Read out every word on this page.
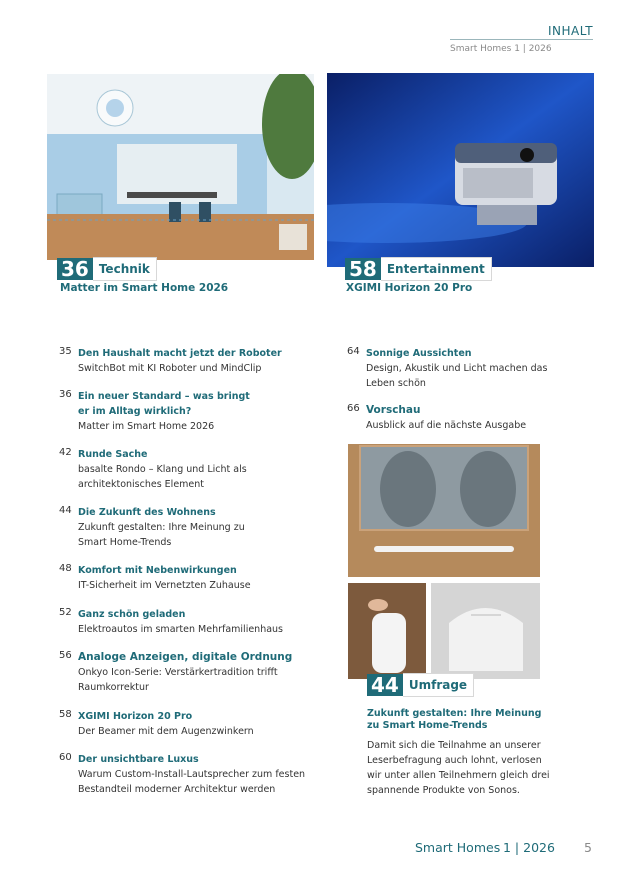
INHALT
Smart Homes 1 | 2026
36 Technik
Matter im Smart Home 2026
58 Entertainment
XGIMI Horizon 20 Pro
35 Den Haushalt macht jetzt der Roboter
SwitchBot mit KI Roboter und MindClip
36 Ein neuer Standard – was bringt er im Alltag wirklich?
Matter im Smart Home 2026
42 Runde Sache
basalte Rondo – Klang und Licht als architektonisches Element
44 Die Zukunft des Wohnens
Zukunft gestalten: Ihre Meinung zu Smart Home-Trends
48 Komfort mit Nebenwirkungen
IT-Sicherheit im Vernetzten Zuhause
52 Ganz schön geladen
Elektroautos im smarten Mehrfamilienhaus
56 Analoge Anzeigen, digitale Ordnung
Onkyo Icon-Serie: Verstärkertradition trifft Raumkorrektur
58 XGIMI Horizon 20 Pro
Der Beamer mit dem Augenzwinkern
60 Der unsichtbare Luxus
Warum Custom-Install-Lautsprecher zum festen Bestandteil moderner Architektur werden
64 Sonnige Aussichten
Design, Akustik und Licht machen das Leben schön
66 Vorschau
Ausblick auf die nächste Ausgabe
44 Umfrage
Zukunft gestalten: Ihre Meinung zu Smart Home-Trends
Damit sich die Teilnahme an unserer Leserbefragung auch lohnt, verlosen wir unter allen Teilnehmern gleich drei spannende Produkte von Sonos.
Smart Homes 1 | 2026 5
